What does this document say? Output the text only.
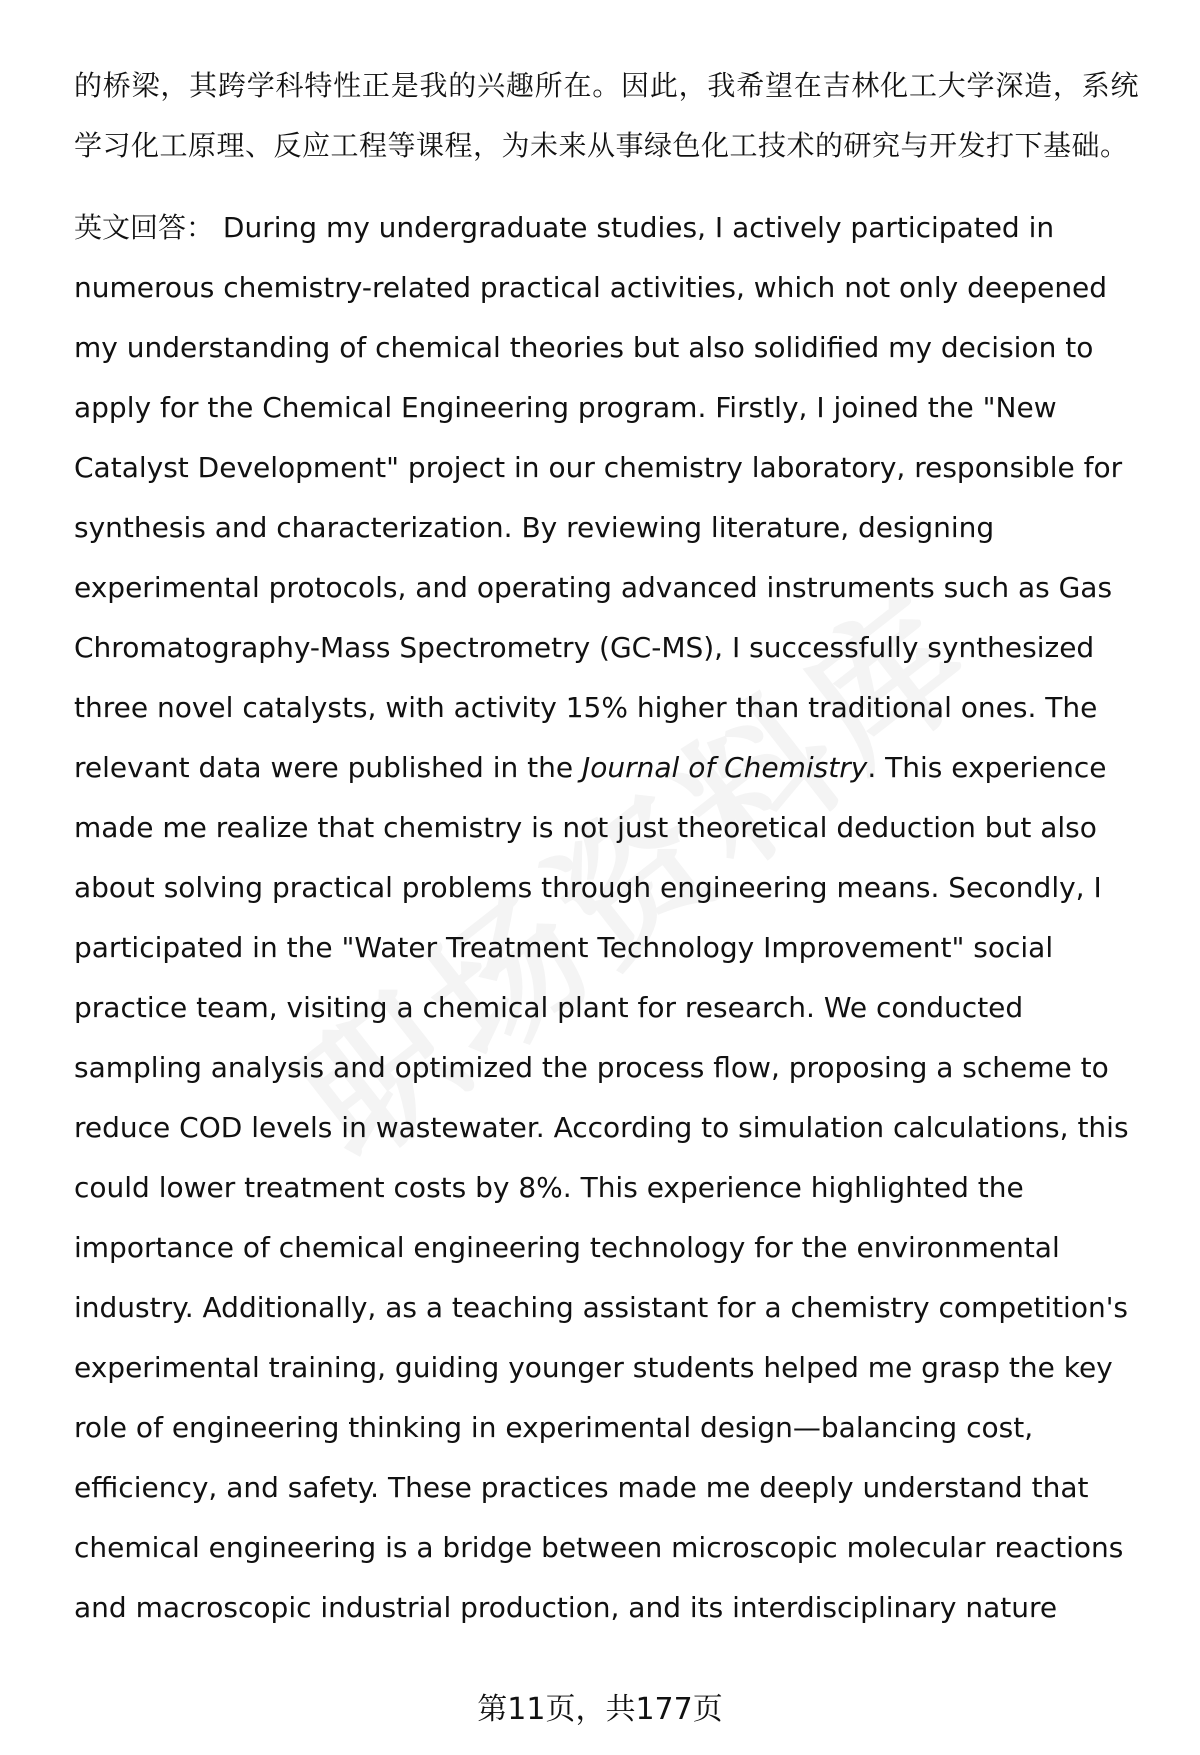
的桥梁，其跨学科特性正是我的兴趣所在。因此，我希望在吉林化工大学深造，系统学习化工原理、反应工程等课程，为未来从事绿色化工技术的研究与开发打下基础。

英文回答： During my undergraduate studies, I actively participated in numerous chemistry-related practical activities, which not only deepened my understanding of chemical theories but also solidified my decision to apply for the Chemical Engineering program. Firstly, I joined the "New Catalyst Development" project in our chemistry laboratory, responsible for synthesis and characterization. By reviewing literature, designing experimental protocols, and operating advanced instruments such as Gas Chromatography-Mass Spectrometry (GC-MS), I successfully synthesized three novel catalysts, with activity 15% higher than traditional ones. The relevant data were published in the Journal of Chemistry. This experience made me realize that chemistry is not just theoretical deduction but also about solving practical problems through engineering means. Secondly, I participated in the "Water Treatment Technology Improvement" social practice team, visiting a chemical plant for research. We conducted sampling analysis and optimized the process flow, proposing a scheme to reduce COD levels in wastewater. According to simulation calculations, this could lower treatment costs by 8%. This experience highlighted the importance of chemical engineering technology for the environmental industry. Additionally, as a teaching assistant for a chemistry competition's experimental training, guiding younger students helped me grasp the key role of engineering thinking in experimental design—balancing cost, efficiency, and safety. These practices made me deeply understand that chemical engineering is a bridge between microscopic molecular reactions and macroscopic industrial production, and its interdisciplinary nature

第11页，共177页
